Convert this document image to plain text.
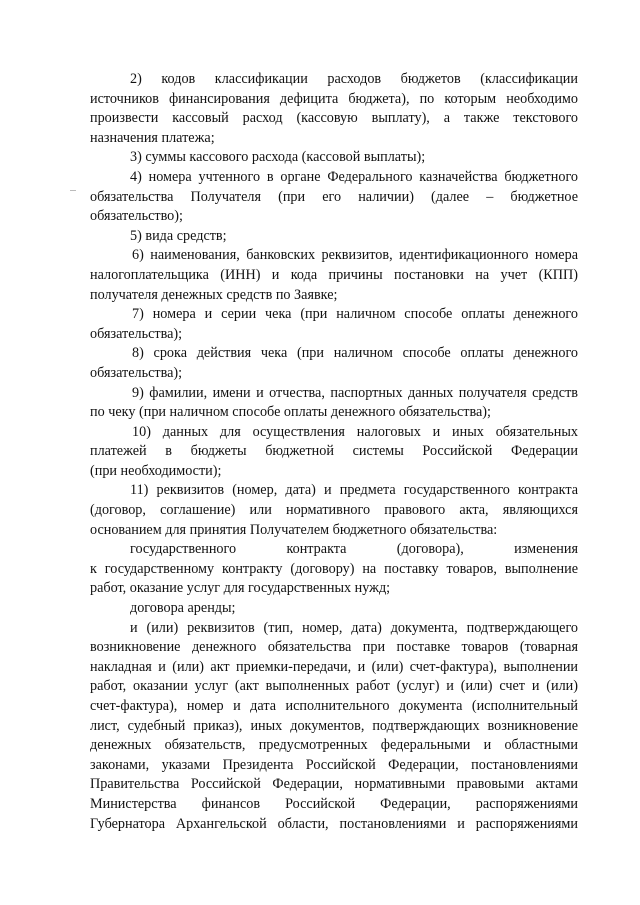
2) кодов классификации расходов бюджетов (классификации
источников финансирования дефицита бюджета), по которым необходимо
произвести кассовый расход (кассовую выплату), а также текстового
назначения платежа;
3) суммы кассового расхода (кассовой выплаты);
4) номера учтенного в органе Федерального казначейства бюджетного
обязательства Получателя (при его наличии) (далее – бюджетное
обязательство);
5) вида средств;
6) наименования, банковских реквизитов, идентификационного номера
налогоплательщика (ИНН) и кода причины постановки на учет (КПП)
получателя денежных средств по Заявке;
7) номера и серии чека (при наличном способе оплаты денежного
обязательства);
8) срока действия чека (при наличном способе оплаты денежного
обязательства);
9) фамилии, имени и отчества, паспортных данных получателя средств
по чеку (при наличном способе оплаты денежного обязательства);
10) данных для осуществления налоговых и иных обязательных
платежей в бюджеты бюджетной системы Российской Федерации
(при необходимости);
11) реквизитов (номер, дата) и предмета государственного контракта
(договор, соглашение) или нормативного правового акта, являющихся
основанием для принятия Получателем бюджетного обязательства:
государственного контракта (договора), изменения
к государственному контракту (договору) на поставку товаров, выполнение
работ, оказание услуг для государственных нужд;
договора аренды;
и (или) реквизитов (тип, номер, дата) документа, подтверждающего
возникновение денежного обязательства при поставке товаров (товарная
накладная и (или) акт приемки-передачи, и (или) счет-фактура), выполнении
работ, оказании услуг (акт выполненных работ (услуг) и (или) счет и (или)
счет-фактура), номер и дата исполнительного документа (исполнительный
лист, судебный приказ), иных документов, подтверждающих возникновение
денежных обязательств, предусмотренных федеральными и областными
законами, указами Президента Российской Федерации, постановлениями
Правительства Российской Федерации, нормативными правовыми актами
Министерства финансов Российской Федерации, распоряжениями
Губернатора Архангельской области, постановлениями и распоряжениями
